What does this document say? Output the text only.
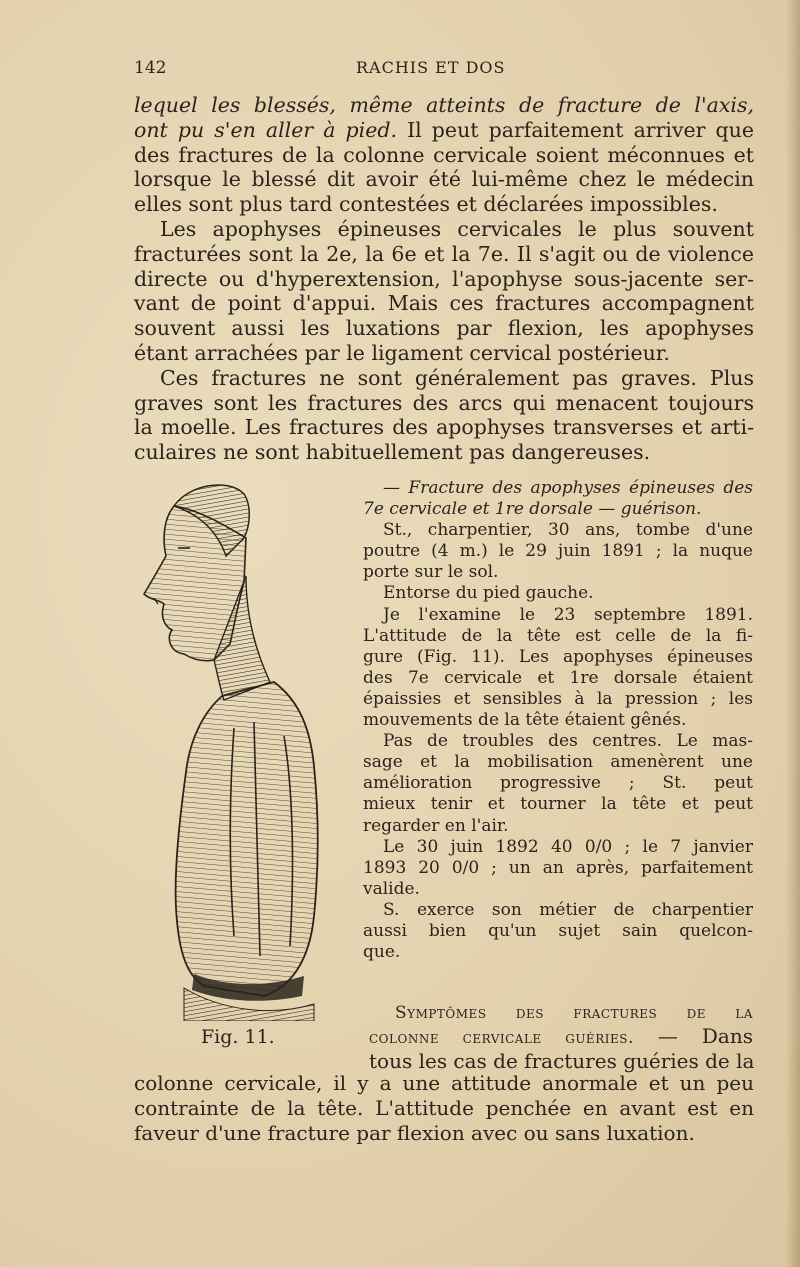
142	RACHIS ET DOS
lequel les blessés, même atteints de fracture de l'axis,
ont pu s'en aller à pied. Il peut parfaitement arriver que
des fractures de la colonne cervicale soient méconnues et
lorsque le blessé dit avoir été lui-même chez le médecin
elles sont plus tard contestées et déclarées impossibles.
Les apophyses épineuses cervicales le plus souvent
fracturées sont la 2e, la 6e et la 7e. Il s'agit ou de violence
directe ou d'hyperextension, l'apophyse sous-jacente ser-
vant de point d'appui. Mais ces fractures accompagnent
souvent aussi les luxations par flexion, les apophyses
étant arrachées par le ligament cervical postérieur.
Ces fractures ne sont généralement pas graves. Plus
graves sont les fractures des arcs qui menacent toujours
la moelle. Les fractures des apophyses transverses et arti-
culaires ne sont habituellement pas dangereuses.
Fig. 11.
— Fracture des apophyses épineuses des
7e cervicale et 1re dorsale — guérison.
St., charpentier, 30 ans, tombe d'une
poutre (4 m.) le 29 juin 1891 ; la nuque
porte sur le sol.
Entorse du pied gauche.
Je l'examine le 23 septembre 1891.
L'attitude de la tête est celle de la fi-
gure (Fig. 11). Les apophyses épineuses
des 7e cervicale et 1re dorsale étaient
épaissies et sensibles à la pression ; les
mouvements de la tête étaient gênés.
Pas de troubles des centres. Le mas-
sage et la mobilisation amenèrent une
amélioration progressive ; St. peut
mieux tenir et tourner la tête et peut
regarder en l'air.
Le 30 juin 1892 40 0/0 ; le 7 janvier
1893 20 0/0 ; un an après, parfaitement
valide.
S. exerce son métier de charpentier
aussi bien qu'un sujet sain quelcon-
que.
Symptômes des fractures de la
colonne cervicale guéries. — Dans
tous les cas de fractures guéries de la
colonne cervicale, il y a une attitude anormale et un peu
contrainte de la tête. L'attitude penchée en avant est en
faveur d'une fracture par flexion avec ou sans luxation.
